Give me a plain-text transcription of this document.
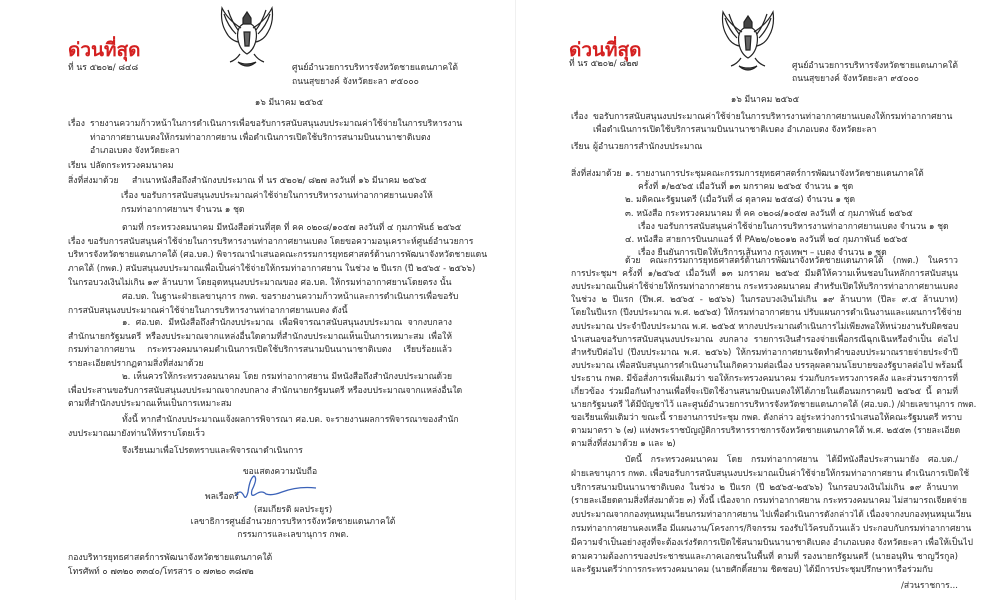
ด่วนที่สุด
ที่ นร ๕๒๐๒/ ๘๔๘	ศูนย์อำนวยการบริหารจังหวัดชายแดนภาคใต้
ถนนสุขยางค์ จังหวัดยะลา ๙๕๐๐๐
๑๖ มีนาคม ๒๕๖๕
เรื่อง รายงานความก้าวหน้าในการดำเนินการเพื่อขอรับการสนับสนุนงบประมาณค่าใช้จ่ายในการบริหารงาน
ท่าอากาศยานเบตงให้กรมท่าอากาศยาน เพื่อดำเนินการเปิดใช้บริการสนามบินนานาชาติเบตง
อำเภอเบตง จังหวัดยะลา
เรียน ปลัดกระทรวงคมนาคม
สิ่งที่ส่งมาด้วย สำเนาหนังสือถึงสำนักงบประมาณ ที่ นร ๕๒๐๒/ ๘๒๗ ลงวันที่ ๑๖ มีนาคม ๒๕๖๕
เรื่อง ขอรับการสนับสนุนงบประมาณค่าใช้จ่ายในการบริหารงานท่าอากาศยานเบตงให้
กรมท่าอากาศยานฯ จำนวน ๑ ชุด
ตามที่ กระทรวงคมนาคม มีหนังสือด่วนที่สุด ที่ คค ๐๒๐๘/๑๐๕๗ ลงวันที่ ๔ กุมภาพันธ์ ๒๕๖๕
เรื่อง ขอรับการสนับสนุนค่าใช้จ่ายในการบริหารงานท่าอากาศยานเบตง โดยขอความอนุเคราะห์ศูนย์อำนวยการ
บริหารจังหวัดชายแดนภาคใต้ (ศอ.บต.) พิจารณานำเสนอคณะกรรมการยุทธศาสตร์ด้านการพัฒนาจังหวัดชายแดน
ภาคใต้ (กพต.) สนับสนุนงบประมาณเพื่อเป็นค่าใช้จ่ายให้กรมท่าอากาศยาน ในช่วง ๒ ปีแรก (ปี ๒๕๖๕ - ๒๕๖๖)
ในกรอบวงเงินไม่เกิน ๑๙ ล้านบาท โดยอุดหนุนงบประมาณของ ศอ.บต. ให้กรมท่าอากาศยานโดยตรง นั้น
ศอ.บต. ในฐานะฝ่ายเลขานุการ กพต. ขอรายงานความก้าวหน้าและการดำเนินการเพื่อขอรับ
การสนับสนุนงบประมาณค่าใช้จ่ายในการบริหารงานท่าอากาศยานเบตง ดังนี้
๑. ศอ.บต. มีหนังสือถึงสำนักงบประมาณ เพื่อพิจารณาสนับสนุนงบประมาณ จากงบกลาง
สำนักนายกรัฐมนตรี หรืองบประมาณจากแหล่งอื่นใดตามที่สำนักงบประมาณเห็นเป็นการเหมาะสม เพื่อให้
กรมท่าอากาศยาน กระทรวงคมนาคมดำเนินการเปิดใช้บริการสนามบินนานาชาติเบตง เรียบร้อยแล้ว
รายละเอียดปรากฏตามสิ่งที่ส่งมาด้วย
๒. เห็นควรให้กระทรวงคมนาคม โดย กรมท่าอากาศยาน มีหนังสือถึงสำนักงบประมาณด้วย
เพื่อประสานขอรับการสนับสนุนงบประมาณจากงบกลาง สำนักนายกรัฐมนตรี หรืองบประมาณจากแหล่งอื่นใด
ตามที่สำนักงบประมาณเห็นเป็นการเหมาะสม
ทั้งนี้ หากสำนักงบประมาณแจ้งผลการพิจารณา ศอ.บต. จะรายงานผลการพิจารณาของสำนัก
งบประมาณมายังท่านให้ทราบโดยเร็ว
จึงเรียนมาเพื่อโปรดทราบและพิจารณาดำเนินการ
ขอแสดงความนับถือ
พลเรือตรี
(สมเกียรติ ผลประยูร)
เลขาธิการศูนย์อำนวยการบริหารจังหวัดชายแดนภาคใต้
กรรมการและเลขานุการ กพต.
กองบริหารยุทธศาสตร์การพัฒนาจังหวัดชายแดนภาคใต้
โทรศัพท์ ๐ ๗๓๒๐ ๓๓๔๐/โทรสาร ๐ ๗๓๒๐ ๓๘๗๒
ด่วนที่สุด
ที่ นร ๕๒๐๒/ ๘๒๗	ศูนย์อำนวยการบริหารจังหวัดชายแดนภาคใต้
ถนนสุขยางค์ จังหวัดยะลา ๙๕๐๐๐
๑๖ มีนาคม ๒๕๖๕
เรื่อง ขอรับการสนับสนุนงบประมาณค่าใช้จ่ายในการบริหารงานท่าอากาศยานเบตงให้กรมท่าอากาศยาน
เพื่อดำเนินการเปิดใช้บริการสนามบินนานาชาติเบตง อำเภอเบตง จังหวัดยะลา
เรียน ผู้อำนวยการสำนักงบประมาณ
สิ่งที่ส่งมาด้วย ๑. รายงานการประชุมคณะกรรมการยุทธศาสตร์การพัฒนาจังหวัดชายแดนภาคใต้
ครั้งที่ ๑/๒๕๖๕ เมื่อวันที่ ๑๓ มกราคม ๒๕๖๕ จำนวน ๑ ชุด
๒. มติคณะรัฐมนตรี (เมื่อวันที่ ๘ ตุลาคม ๒๕๕๘) จำนวน ๑ ชุด
๓. หนังสือ กระทรวงคมนาคม ที่ คค ๐๒๐๘/๑๐๕๗ ลงวันที่ ๔ กุมภาพันธ์ ๒๕๖๕
เรื่อง ขอรับการสนับสนุนค่าใช้จ่ายในการบริหารงานท่าอากาศยานเบตง จำนวน ๑ ชุด
๔. หนังสือ สายการบินนกแอร์ ที่ PA๒๒/๐๒๐๑๒ ลงวันที่ ๒๔ กุมภาพันธ์ ๒๕๖๕
เรื่อง ยืนยันการเปิดให้บริการเส้นทาง กรุงเทพฯ – เบตง จำนวน ๑ ชุด
ด้วย คณะกรรมการยุทธศาสตร์ด้านการพัฒนาจังหวัดชายแดนภาคใต้ (กพต.) ในคราว
การประชุมฯ ครั้งที่ ๑/๒๕๖๕ เมื่อวันที่ ๑๓ มกราคม ๒๕๖๕ มีมติให้ความเห็นชอบในหลักการสนับสนุน
งบประมาณเป็นค่าใช้จ่ายให้กรมท่าอากาศยาน กระทรวงคมนาคม สำหรับเปิดให้บริการท่าอากาศยานเบตง
ในช่วง ๒ ปีแรก (ปีพ.ศ. ๒๕๖๕ - ๒๕๖๖) ในกรอบวงเงินไม่เกิน ๑๙ ล้านบาท (ปีละ ๙.๕ ล้านบาท)
โดยในปีแรก (ปีงบประมาณ พ.ศ. ๒๕๖๕) ให้กรมท่าอากาศยาน ปรับแผนการดำเนินงานและแผนการใช้จ่าย
งบประมาณ ประจำปีงบประมาณ พ.ศ. ๒๕๖๕ หากงบประมาณดำเนินการไม่เพียงพอให้หน่วยงานรับผิดชอบ
นำเสนอขอรับการสนับสนุนงบประมาณ งบกลาง รายการเงินสำรองจ่ายเพื่อกรณีฉุกเฉินหรือจำเป็น ต่อไป
สำหรับปีต่อไป (ปีงบประมาณ พ.ศ. ๒๕๖๖) ให้กรมท่าอากาศยานจัดทำคำของบประมาณรายจ่ายประจำปี
งบประมาณ เพื่อสนับสนุนการดำเนินงานในเกิดความต่อเนื่อง บรรลุผลตามนโยบายของรัฐบาลต่อไป พร้อมนี้
ประธาน กพต. มีข้อสั่งการเพิ่มเติมว่า ขอให้กระทรวงคมนาคม ร่วมกับกระทรวงการคลัง และส่วนราชการที่
เกี่ยวข้อง ร่วมมือกันทำงานเพื่อที่จะเปิดใช้งานสนามบินเบตงให้ได้ภายในเดือนมกราคมปี ๒๕๖๕ นี้ ตามที่
นายกรัฐมนตรี ได้มีบัญชาไว้ และศูนย์อำนวยการบริหารจังหวัดชายแดนภาคใต้ (ศอ.บต.) /ฝ่ายเลขานุการ กพต.
ขอเรียนเพิ่มเติมว่า ขณะนี้ รายงานการประชุม กพต. ดังกล่าว อยู่ระหว่างการนำเสนอให้คณะรัฐมนตรี ทราบ
ตามมาตรา ๖ (๗) แห่งพระราชบัญญัติการบริหารราชการจังหวัดชายแดนภาคใต้ พ.ศ. ๒๕๕๓ (รายละเอียด
ตามสิ่งที่ส่งมาด้วย ๑ และ ๒)
บัดนี้ กระทรวงคมนาคม โดย กรมท่าอากาศยาน ได้มีหนังสือประสานมายัง ศอ.บต./
ฝ่ายเลขานุการ กพต. เพื่อขอรับการสนับสนุนงบประมาณเป็นค่าใช้จ่ายให้กรมท่าอากาศยาน ดำเนินการเปิดใช้
บริการสนามบินนานาชาติเบตง ในช่วง ๒ ปีแรก (ปี ๒๕๖๕-๒๕๖๖) ในกรอบวงเงินไม่เกิน ๑๙ ล้านบาท
(รายละเอียดตามสิ่งที่ส่งมาด้วย ๓) ทั้งนี้ เนื่องจาก กรมท่าอากาศยาน กระทรวงคมนาคม ไม่สามารถเจียดจ่าย
งบประมาณจากกองทุนหมุนเวียนกรมท่าอากาศยาน ไปเพื่อดำเนินการดังกล่าวได้ เนื่องจากงบกองทุนหมุนเวียน
กรมท่าอากาศยานคงเหลือ มีแผนงาน/โครงการ/กิจกรรม รองรับไว้ครบถ้วนแล้ว ประกอบกับกรมท่าอากาศยาน
มีความจำเป็นอย่างสูงที่จะต้องเร่งรัดการเปิดใช้สนามบินนานาชาติเบตง อำเภอเบตง จังหวัดยะลา เพื่อให้เป็นไป
ตามความต้องการของประชาชนและภาคเอกชนในพื้นที่ ตามที่ รองนายกรัฐมนตรี (นายอนุทิน ชาญวีรกูล)
และรัฐมนตรีว่าการกระทรวงคมนาคม (นายศักดิ์สยาม ชิดชอบ) ได้มีการประชุมปรึกษาหารือร่วมกับ
/ส่วนราชการ...
